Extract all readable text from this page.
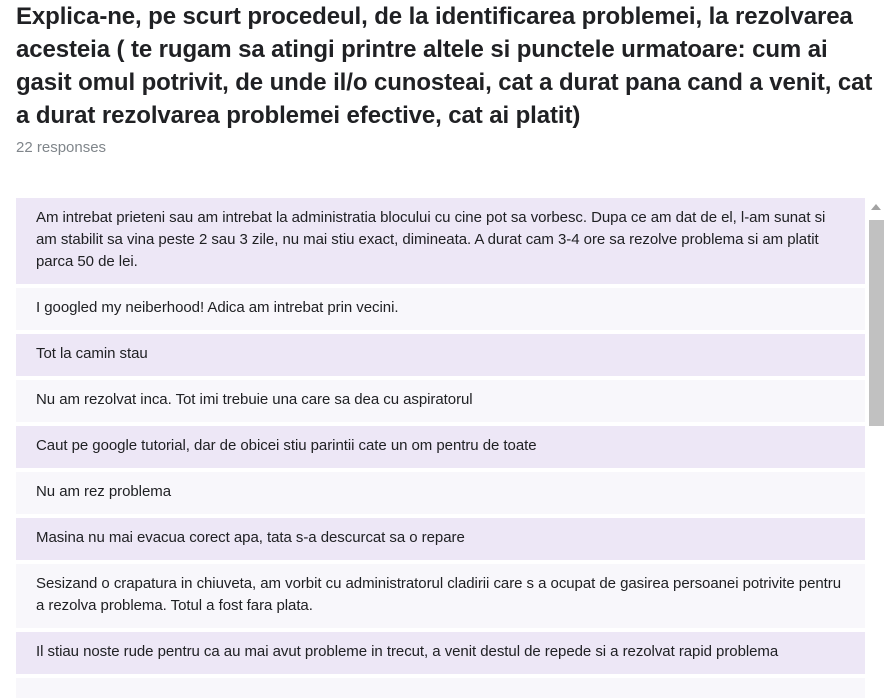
Explica-ne, pe scurt procedeul, de la identificarea problemei, la rezolvarea acesteia ( te rugam sa atingi printre altele si punctele urmatoare: cum ai gasit omul potrivit, de unde il/o cunosteai, cat a durat pana cand a venit, cat a durat rezolvarea problemei efective, cat ai platit)
22 responses
Am intrebat prieteni sau am intrebat la administratia blocului cu cine pot sa vorbesc. Dupa ce am dat de el, l-am sunat si am stabilit sa vina peste 2 sau 3 zile, nu mai stiu exact, dimineata. A durat cam 3-4 ore sa rezolve problema si am platit parca 50 de lei.
I googled my neiberhood! Adica am intrebat prin vecini.
Tot la camin stau
Nu am rezolvat inca. Tot imi trebuie una care sa dea cu aspiratorul
Caut pe google tutorial, dar de obicei stiu parintii cate un om pentru de toate
Nu am rez problema
Masina nu mai evacua corect apa, tata s-a descurcat sa o repare
Sesizand o crapatura in chiuveta, am vorbit cu administratorul cladirii care s a ocupat de gasirea persoanei potrivite pentru a rezolva problema. Totul a fost fara plata.
Il stiau noste rude pentru ca au mai avut probleme in trecut, a venit destul de repede si a rezolvat rapid problema
